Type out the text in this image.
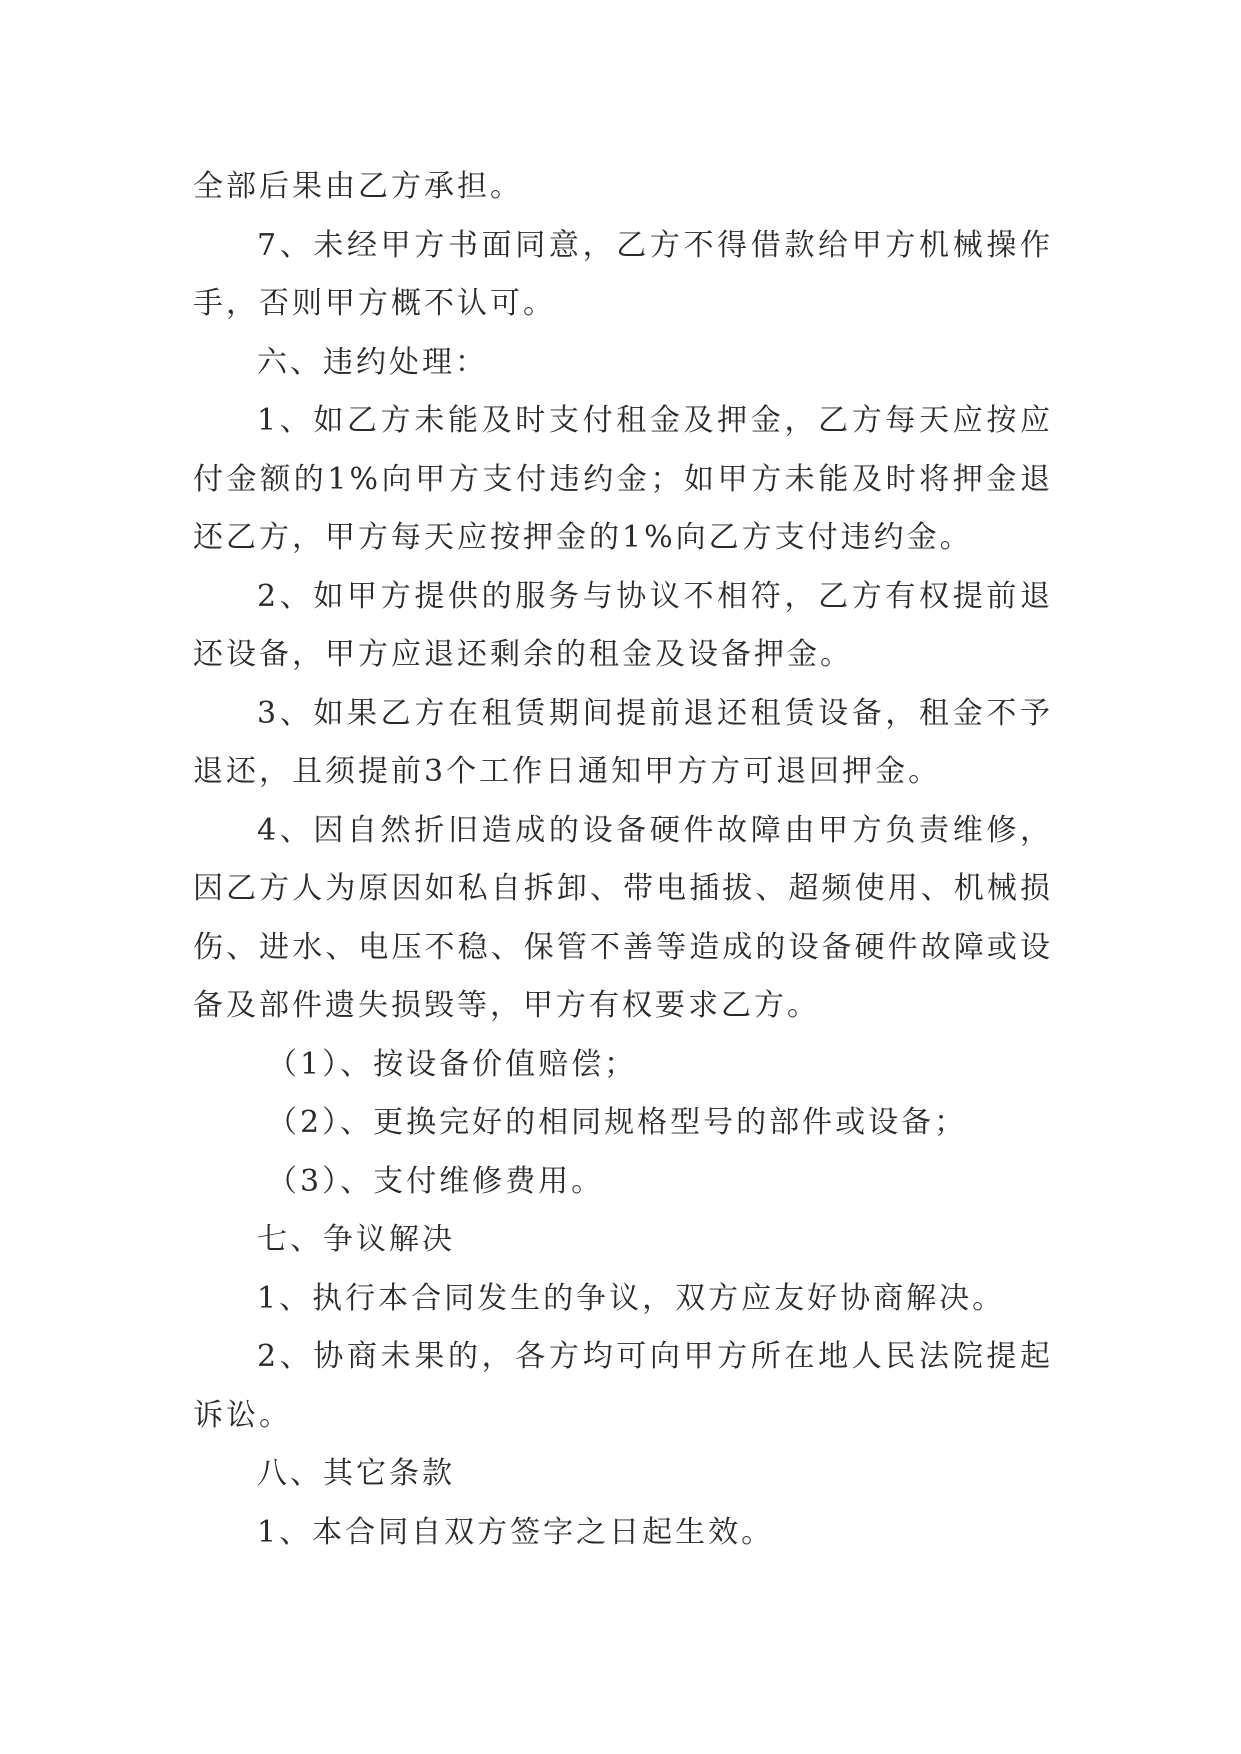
全部后果由乙方承担。

7、未经甲方书面同意，乙方不得借款给甲方机械操作手，否则甲方概不认可。

六、违约处理：

1、如乙方未能及时支付租金及押金，乙方每天应按应付金额的1%向甲方支付违约金；如甲方未能及时将押金退还乙方，甲方每天应按押金的1%向乙方支付违约金。

2、如甲方提供的服务与协议不相符，乙方有权提前退还设备，甲方应退还剩余的租金及设备押金。

3、如果乙方在租赁期间提前退还租赁设备，租金不予退还，且须提前3个工作日通知甲方方可退回押金。

4、因自然折旧造成的设备硬件故障由甲方负责维修，因乙方人为原因如私自拆卸、带电插拔、超频使用、机械损伤、进水、电压不稳、保管不善等造成的设备硬件故障或设备及部件遗失损毁等，甲方有权要求乙方。

（1）、按设备价值赔偿；

（2）、更换完好的相同规格型号的部件或设备；

（3）、支付维修费用。

七、争议解决

1、执行本合同发生的争议，双方应友好协商解决。

2、协商未果的，各方均可向甲方所在地人民法院提起诉讼。

八、其它条款

1、本合同自双方签字之日起生效。
